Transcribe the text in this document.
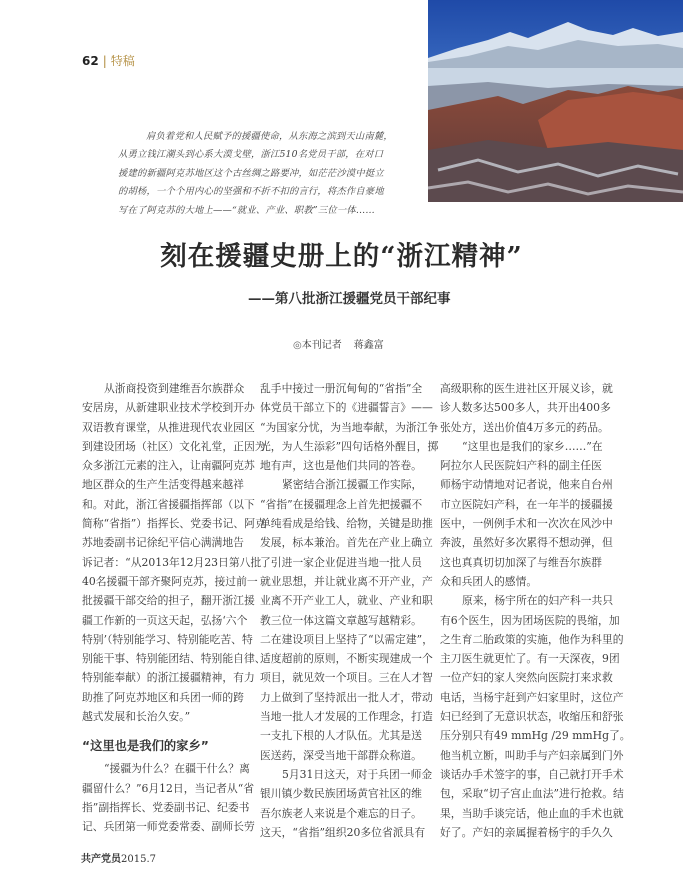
62 | 特稿
肩负着党和人民赋予的援疆使命，从东海之滨到天山南麓，
从勇立钱江潮头到心系大漠戈壁，浙江510名党员干部，在对口
援建的新疆阿克苏地区这个古丝绸之路要冲，如茫茫沙漠中挺立
的胡杨，一个个用内心的坚强和不折不扣的言行，将杰作自豪地
写在了阿克苏的大地上——“就业、产业、职教”三位一体……
刻在援疆史册上的“浙江精神”
——第八批浙江援疆党员干部纪事
◎本刊记者 蒋鑫富
从浙商投资到建维吾尔族群众
安居房，从新建职业技术学校到开办
双语教育课堂，从推进现代农业园区
到建设团场（社区）文化礼堂，正因为
众多浙江元素的注入，让南疆阿克苏
地区群众的生产生活变得越来越祥
和。对此，浙江省援疆指挥部（以下
简称“省指”）指挥长、党委书记、阿克
苏地委副书记徐纪平信心满满地告
诉记者：“从2013年12月23日第八批
40名援疆干部齐聚阿克苏，接过前一
批援疆干部交给的担子，翻开浙江援
疆工作新的一页这天起，弘扬‘六个
特别’（特别能学习、特别能吃苦、特
别能干事、特别能团结、特别能自律、
特别能奉献）的浙江援疆精神，有力
助推了阿克苏地区和兵团一师的跨
越式发展和长治久安。”
“这里也是我们的家乡”
“援疆为什么？在疆干什么？离
疆留什么？”6月12日，当记者从“省
指”副指挥长、党委副书记、纪委书
记、兵团第一师党委常委、副师长劳
乱手中接过一册沉甸甸的“省指”全
体党员干部立下的《进疆誓言》——
“为国家分忧，为当地奉献，为浙江争
光，为人生添彩”四句话格外醒目，掷
地有声，这也是他们共同的答卷。
紧密结合浙江援疆工作实际，
“省指”在援疆理念上首先把援疆不
单纯看成是给钱、给物，关键是助推
发展，标本兼治。首先在产业上确立
了引进一家企业促进当地一批人员
就业思想，并让就业离不开产业，产
业离不开产业工人，就业、产业和职
教三位一体这篇文章越写越精彩。
二在建设项目上坚持了“以需定建”，
适度超前的原则，不断实现建成一个
项目，就见效一个项目。三在人才智
力上做到了坚持派出一批人才，带动
当地一批人才发展的工作理念，打造
一支扎下根的人才队伍。尤其是送
医送药，深受当地干部群众称道。
5月31日这天，对于兵团一师金
银川镇少数民族团场黄官社区的维
吾尔族老人来说是个难忘的日子。
这天，“省指”组织20多位省派具有
高级职称的医生进社区开展义诊，就
诊人数多达500多人，共开出400多
张处方，送出价值4万多元的药品。
“这里也是我们的家乡……”在
阿拉尔人民医院妇产科的副主任医
师杨宇动情地对记者说，他来自台州
市立医院妇产科，在一年半的援疆援
医中，一例例手术和一次次在风沙中
奔波，虽然好多次累得不想动弹，但
这也真真切切加深了与维吾尔族群
众和兵团人的感情。
原来，杨宇所在的妇产科一共只
有6个医生，因为团场医院的畏缩，加
之生育二胎政策的实施，他作为科里的
主刀医生就更忙了。有一天深夜，9团
一位产妇的家人突然向医院打来求救
电话，当杨宇赶到产妇家里时，这位产
妇已经到了无意识状态，收缩压和舒张
压分别只有49 mmHg /29 mmHg了。
他当机立断，叫助手与产妇亲属到门外
谈话办手术签字的事，自己就打开手术
包，采取“切子宫止血法”进行抢救。结
果，当助手谈完话，他止血的手术也就
好了。产妇的亲属握着杨宇的手久久
共产党员2015.7
